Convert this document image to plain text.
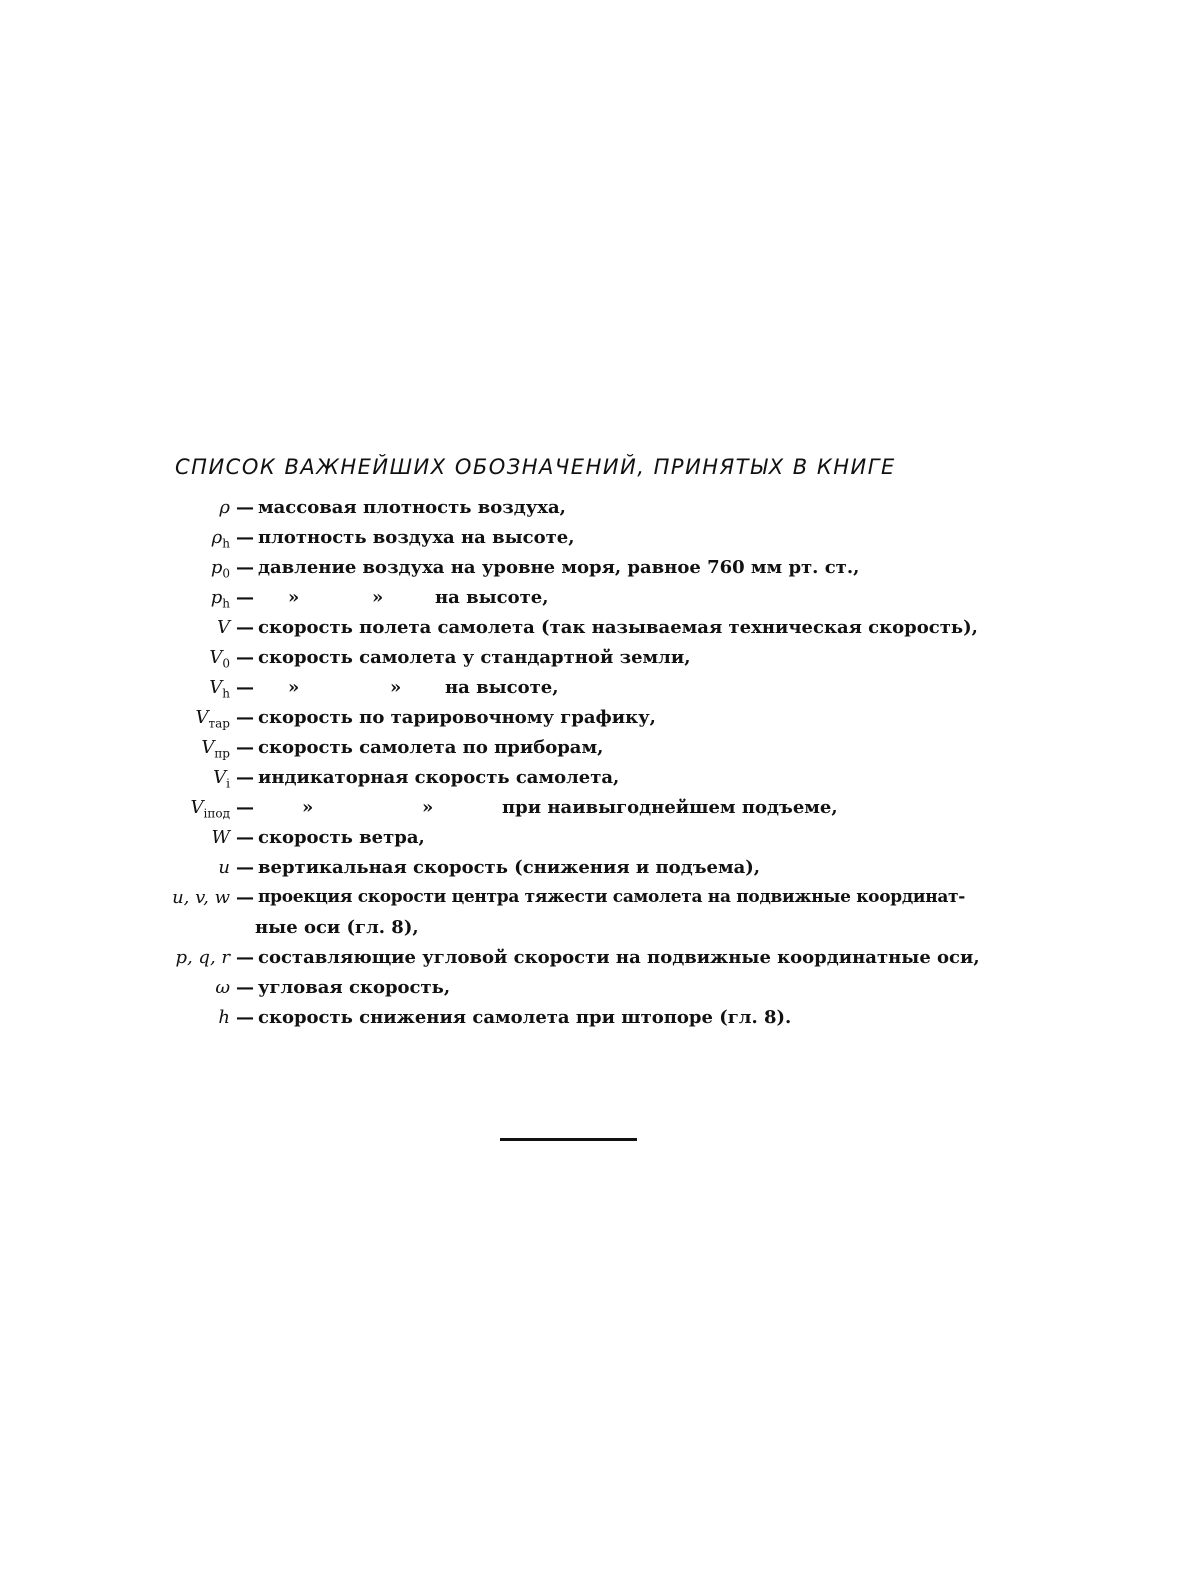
СПИСОК ВАЖНЕЙШИХ ОБОЗНАЧЕНИЙ, ПРИНЯТЫХ В КНИГЕ
ρ — массовая плотность воздуха,
$\rho_h$ — плотность воздуха на высоте,
$p_0$ — давление воздуха на уровне моря, равное 760 мм рт. ст.,
$p_h$ — »	»	на высоте,
V — скорость полета самолета (так называемая техническая скорость),
$V_0$ — скорость самолета у стандартной земли,
$V_h$ — »	» на высоте,
$V_{тар}$ — скорость по тарировочному графику,
$V_{пр}$ — скорость самолета по приборам,
$V_i$ — индикаторная скорость самолета,
$V_{iпод}$ —	»	»	при наивыгоднейшем подъеме,
W — скорость ветра,
u — вертикальная скорость (снижения и подъема),
u, v, w — проекция скорости центра тяжести самолета на подвижные координат-
ные оси (гл. 8),
p, q, r — составляющие угловой скорости на подвижные координатные оси,
ω — угловая скорость,
h — скорость снижения самолета при штопоре (гл. 8).
